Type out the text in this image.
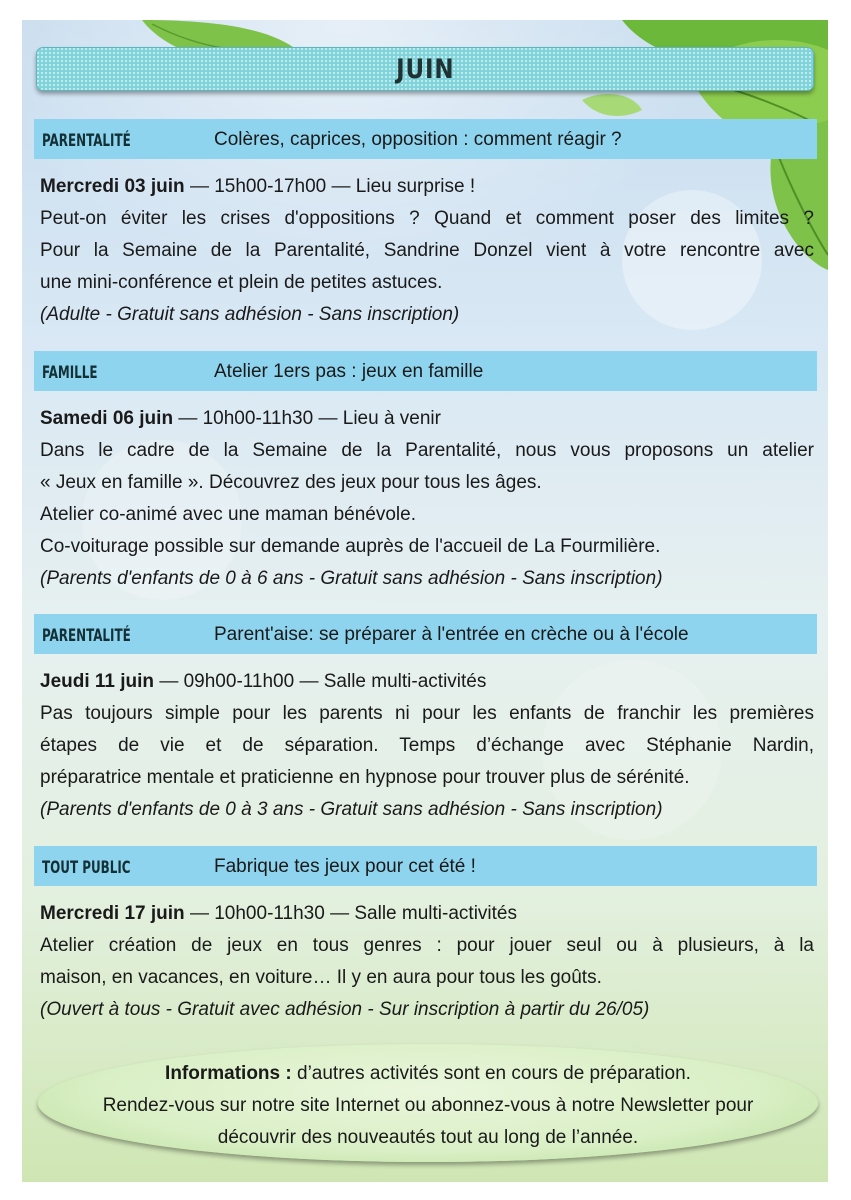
JUIN
PARENTALITÉ	Colères, caprices, opposition : comment réagir ?
Mercredi 03 juin — 15h00-17h00 — Lieu surprise !
Peut-on éviter les crises d'oppositions ? Quand et comment poser des limites ?
Pour la Semaine de la Parentalité, Sandrine Donzel vient à votre rencontre avec
une mini-conférence et plein de petites astuces.
(Adulte - Gratuit sans adhésion - Sans inscription)
FAMILLE	Atelier 1ers pas : jeux en famille
Samedi 06 juin — 10h00-11h30 — Lieu à venir
Dans le cadre de la Semaine de la Parentalité, nous vous proposons un atelier
« Jeux en famille ». Découvrez des jeux pour tous les âges.
Atelier co-animé avec une maman bénévole.
Co-voiturage possible sur demande auprès de l'accueil de La Fourmilière.
(Parents d'enfants de 0 à 6 ans - Gratuit sans adhésion - Sans inscription)
PARENTALITÉ	Parent'aise: se préparer à l'entrée en crèche ou à l'école
Jeudi 11 juin — 09h00-11h00 — Salle multi-activités
Pas toujours simple pour les parents ni pour les enfants de franchir les premières
étapes de vie et de séparation. Temps d’échange avec Stéphanie Nardin,
préparatrice mentale et praticienne en hypnose pour trouver plus de sérénité.
(Parents d'enfants de 0 à 3 ans - Gratuit sans adhésion - Sans inscription)
TOUT PUBLIC	Fabrique tes jeux pour cet été !
Mercredi 17 juin — 10h00-11h30 — Salle multi-activités
Atelier création de jeux en tous genres : pour jouer seul ou à plusieurs, à la
maison, en vacances, en voiture… Il y en aura pour tous les goûts.
(Ouvert à tous - Gratuit avec adhésion - Sur inscription à partir du 26/05)
Informations : d’autres activités sont en cours de préparation.
Rendez-vous sur notre site Internet ou abonnez-vous à notre Newsletter pour
découvrir des nouveautés tout au long de l’année.
